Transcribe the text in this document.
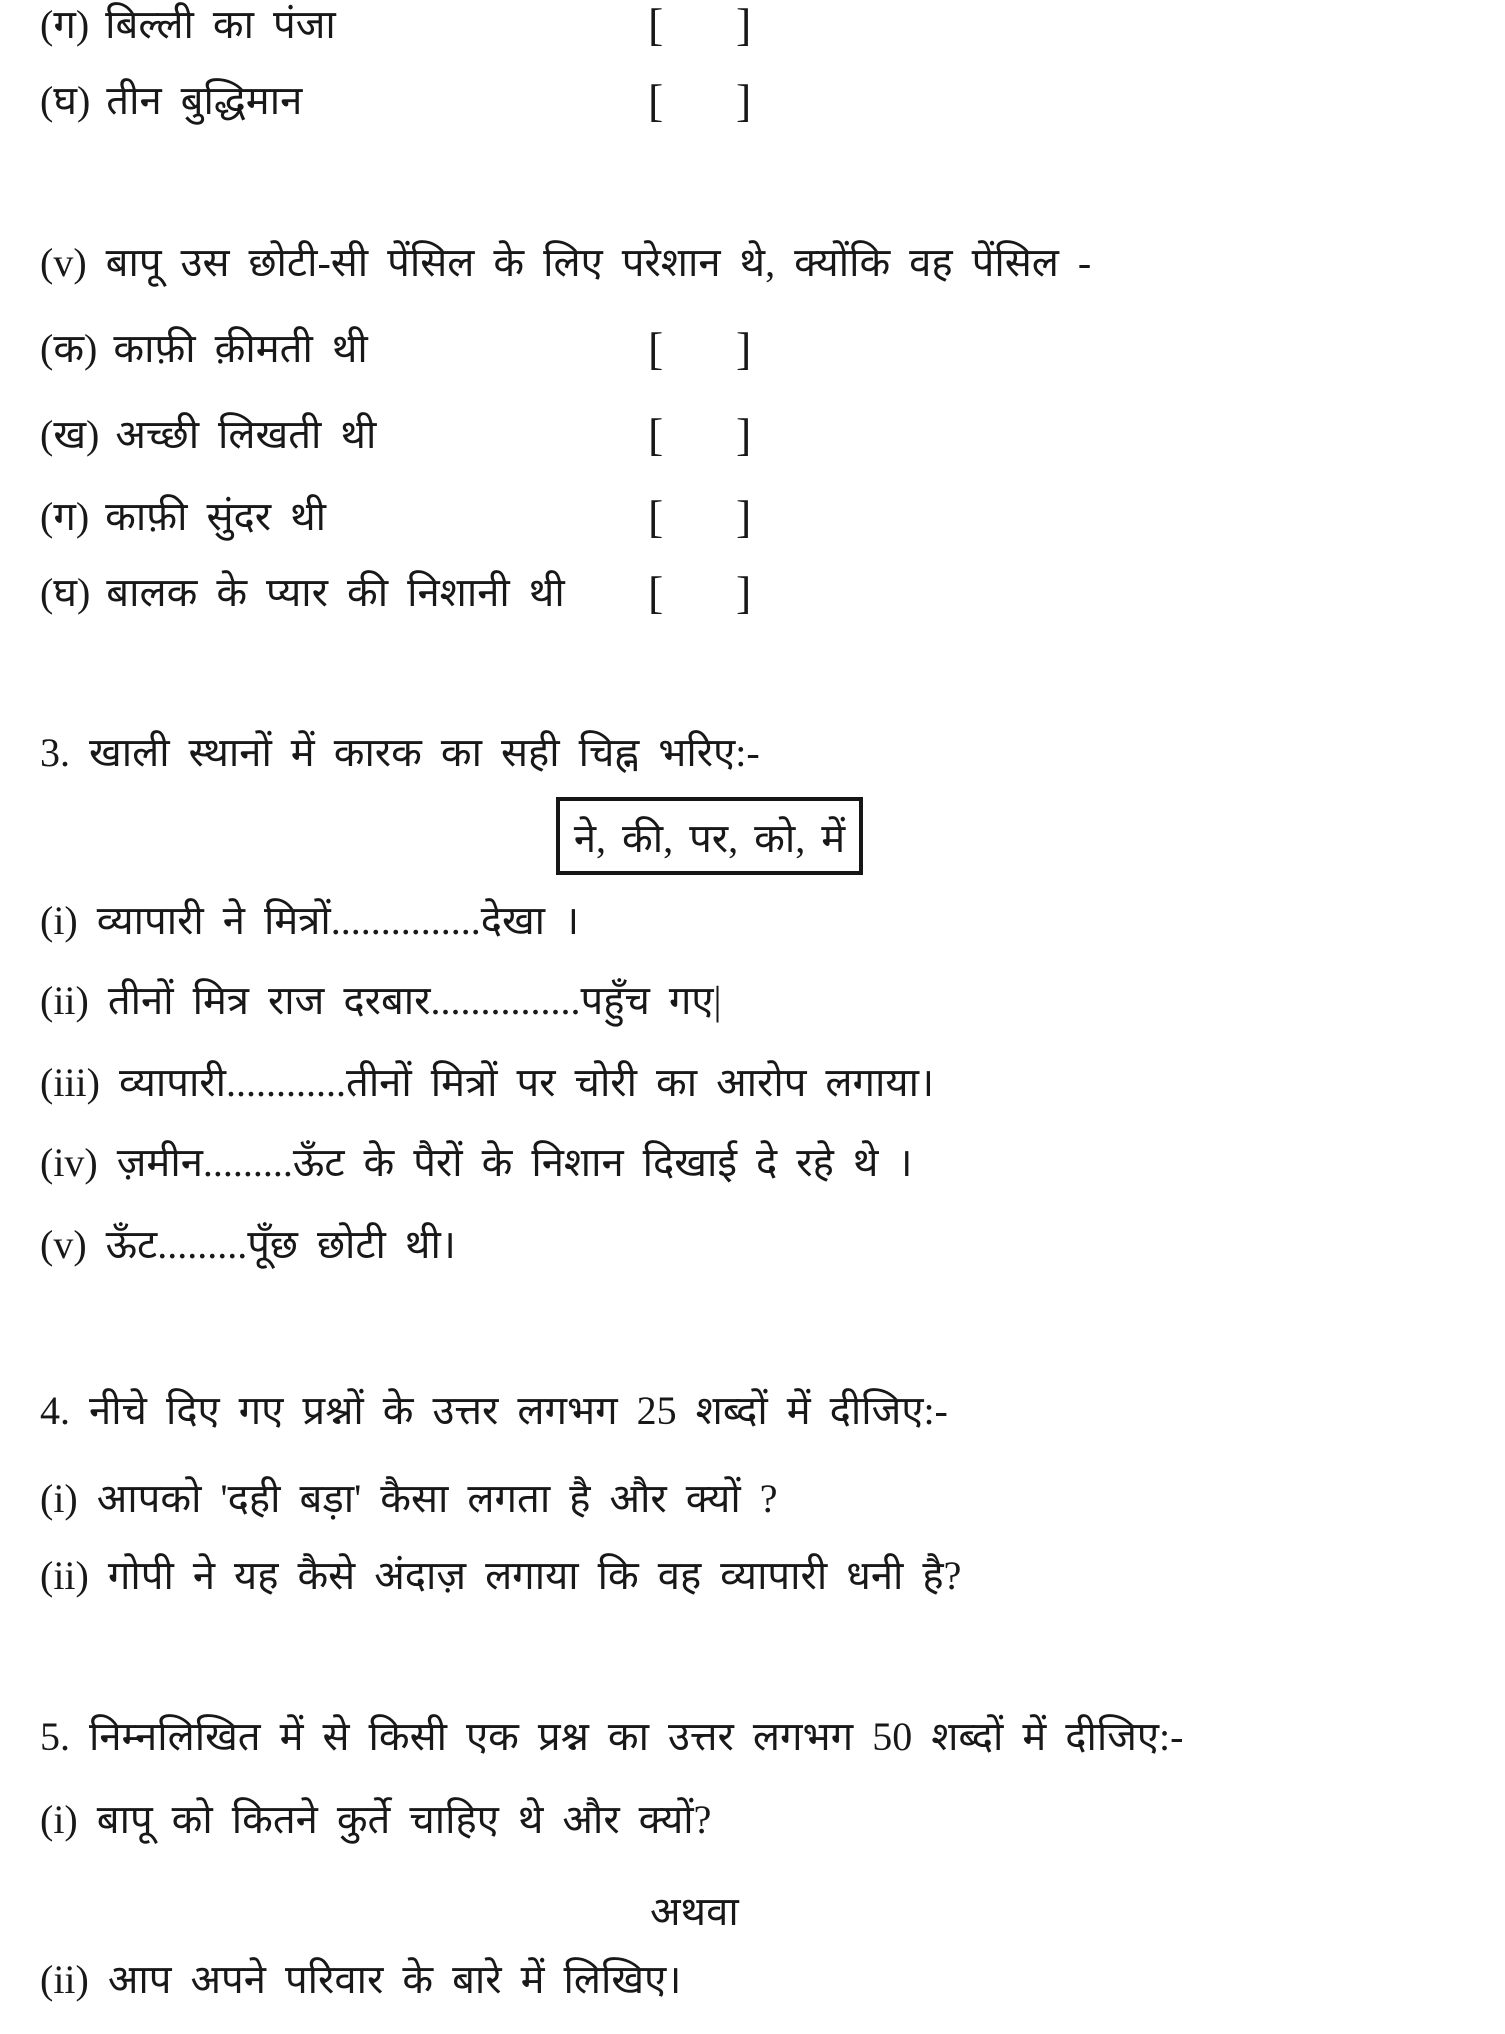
(ग) बिल्ली का पंजा	[ ]
(घ) तीन बुद्धिमान	[ ]
(v) बापू उस छोटी-सी पेंसिल के लिए परेशान थे, क्योंकि वह पेंसिल -
(क) काफ़ी क़ीमती थी	[ ]
(ख) अच्छी लिखती थी	[ ]
(ग) काफ़ी सुंदर थी	[ ]
(घ) बालक के प्यार की निशानी थी [ ]
3. खाली स्थानों में कारक का सही चिह्न भरिए:-
ने, की, पर, को, में
(i) व्यापारी ने मित्रों...............देखा ।
(ii) तीनों मित्र राज दरबार...............पहुँच गए|
(iii) व्यापारी............तीनों मित्रों पर चोरी का आरोप लगाया।
(iv) ज़मीन.........ऊँट के पैरों के निशान दिखाई दे रहे थे ।
(v) ऊँट.........पूँछ छोटी थी।
4. नीचे दिए गए प्रश्नों के उत्तर लगभग 25 शब्दों में दीजिए:-
(i) आपको 'दही बड़ा' कैसा लगता है और क्यों ?
(ii) गोपी ने यह कैसे अंदाज़ लगाया कि वह व्यापारी धनी है?
5. निम्नलिखित में से किसी एक प्रश्न का उत्तर लगभग 50 शब्दों में दीजिए:-
(i) बापू को कितने कुर्ते चाहिए थे और क्यों?
अथवा
(ii) आप अपने परिवार के बारे में लिखिए।
